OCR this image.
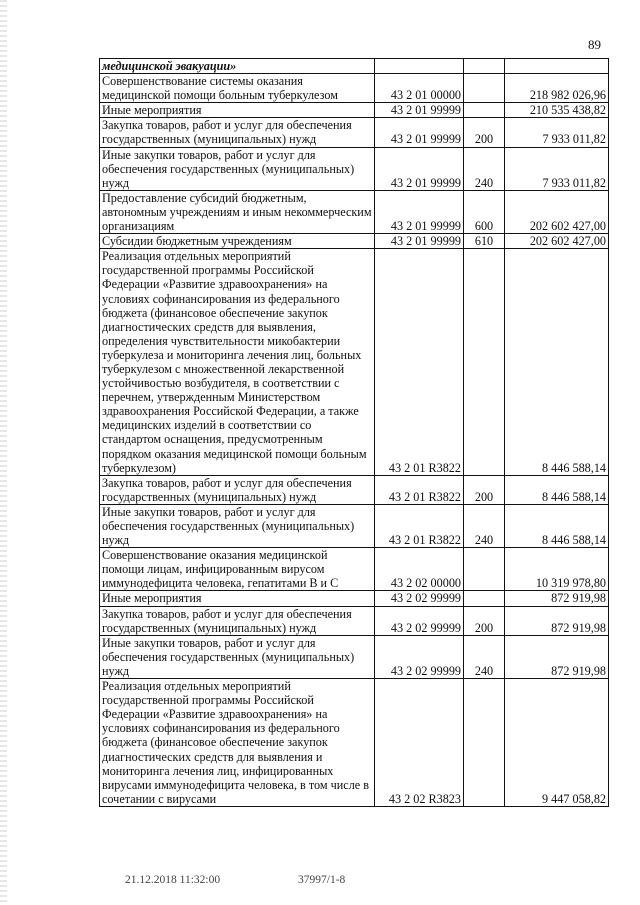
89
медицинской эвакуации»			
Совершенствование системы оказания медицинской помощи больным туберкулезом	43 2 01 00000		218 982 026,96
Иные мероприятия	43 2 01 99999		210 535 438,82
Закупка товаров, работ и услуг для обеспечения государственных (муниципальных) нужд	43 2 01 99999	200	7 933 011,82
Иные закупки товаров, работ и услуг для обеспечения государственных (муниципальных) нужд	43 2 01 99999	240	7 933 011,82
Предоставление субсидий бюджетным, автономным учреждениям и иным некоммерческим организациям	43 2 01 99999	600	202 602 427,00
Субсидии бюджетным учреждениям	43 2 01 99999	610	202 602 427,00
Реализация отдельных мероприятий государственной программы Российской Федерации «Развитие здравоохранения» на условиях софинансирования из федерального бюджета (финансовое обеспечение закупок диагностических средств для выявления, определения чувствительности микобактерии туберкулеза и мониторинга лечения лиц, больных туберкулезом с множественной лекарственной устойчивостью возбудителя, в соответствии с перечнем, утвержденным Министерством здравоохранения Российской Федерации, а также медицинских изделий в соответствии со стандартом оснащения, предусмотренным порядком оказания медицинской помощи больным туберкулезом)	43 2 01 R3822		8 446 588,14
Закупка товаров, работ и услуг для обеспечения государственных (муниципальных) нужд	43 2 01 R3822	200	8 446 588,14
Иные закупки товаров, работ и услуг для обеспечения государственных (муниципальных) нужд	43 2 01 R3822	240	8 446 588,14
Совершенствование оказания медицинской помощи лицам, инфицированным вирусом иммунодефицита человека, гепатитами В и С	43 2 02 00000		10 319 978,80
Иные мероприятия	43 2 02 99999		872 919,98
Закупка товаров, работ и услуг для обеспечения государственных (муниципальных) нужд	43 2 02 99999	200	872 919,98
Иные закупки товаров, работ и услуг для обеспечения государственных (муниципальных) нужд	43 2 02 99999	240	872 919,98
Реализация отдельных мероприятий государственной программы Российской Федерации «Развитие здравоохранения» на условиях софинансирования из федерального бюджета (финансовое обеспечение закупок диагностических средств для выявления и мониторинга лечения лиц, инфицированных вирусами иммунодефицита человека, в том числе в сочетании с вирусами	43 2 02 R3823		9 447 058,82
21.12.2018 11:32:00	37997/1-8
